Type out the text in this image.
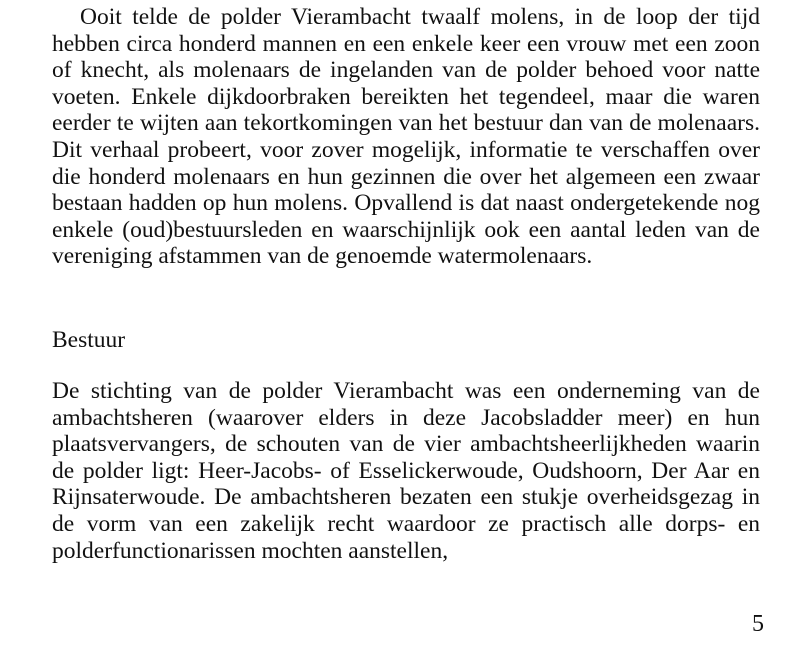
Ooit telde de polder Vierambacht twaalf molens, in de loop der tijd hebben circa honderd mannen en een enkele keer een vrouw met een zoon of knecht, als molenaars de ingelanden van de polder behoed voor natte voeten. Enkele dijkdoorbraken bereikten het tegendeel, maar die waren eerder te wijten aan tekortkomingen van het bestuur dan van de molenaars. Dit verhaal probeert, voor zover mogelijk, informatie te verschaffen over die honderd molenaars en hun gezinnen die over het algemeen een zwaar bestaan hadden op hun molens. Opvallend is dat naast ondergetekende nog enkele (oud)bestuursleden en waarschijnlijk ook een aantal leden van de vereniging afstammen van de genoemde watermolenaars.

Bestuur

De stichting van de polder Vierambacht was een onderneming van de ambachtsheren (waarover elders in deze Jacobsladder meer) en hun plaatsvervangers, de schouten van de vier ambachtsheerlijkheden waarin de polder ligt: Heer-Jacobs- of Esselickerwoude, Oudshoorn, Der Aar en Rijnsaterwoude. De ambachtsheren bezaten een stukje overheidsgezag in de vorm van een zakelijk recht waardoor ze practisch alle dorps- en polderfunctionarissen mochten aanstellen,

5
